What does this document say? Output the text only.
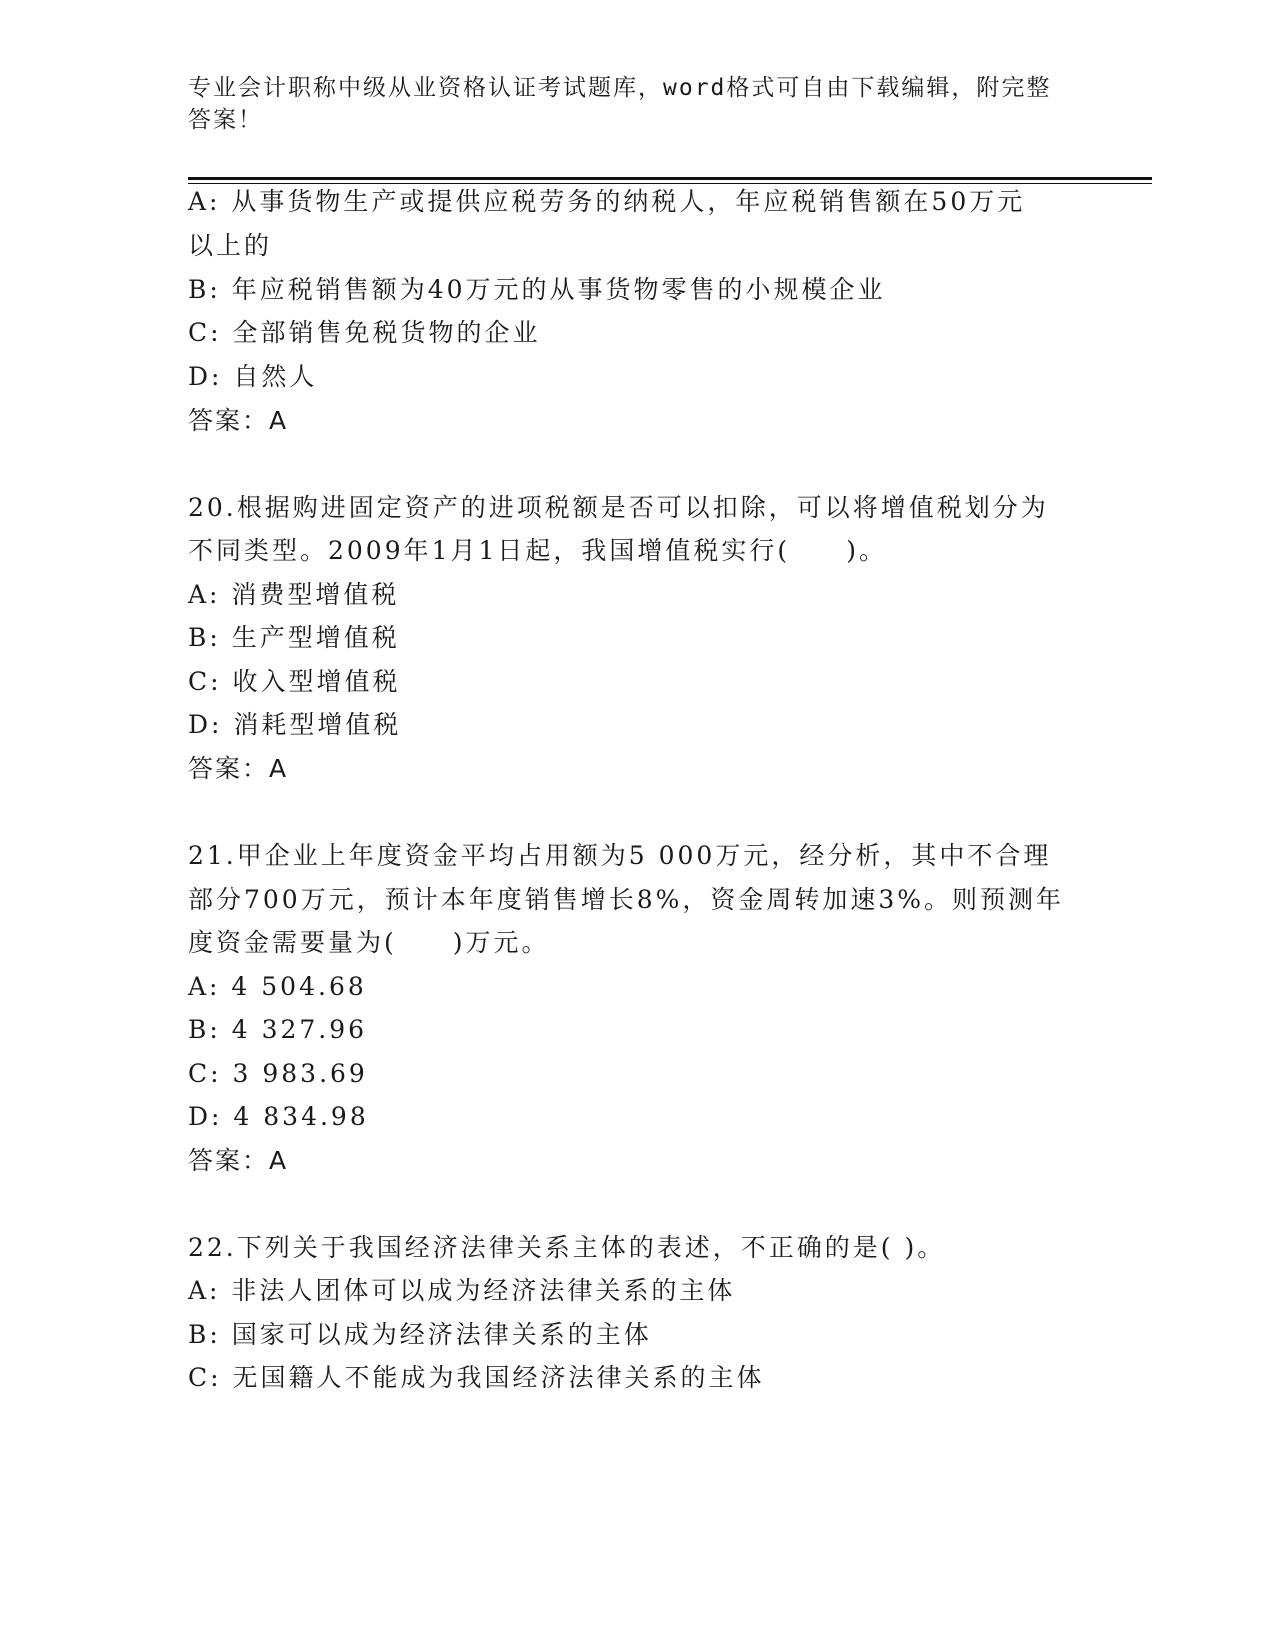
专业会计职称中级从业资格认证考试题库，word格式可自由下载编辑，附完整答案！
A: 从事货物生产或提供应税劳务的纳税人，年应税销售额在50万元
以上的
B: 年应税销售额为40万元的从事货物零售的小规模企业
C: 全部销售免税货物的企业
D: 自然人
答案：A
20.根据购进固定资产的进项税额是否可以扣除，可以将增值税划分为
不同类型。2009年1月1日起，我国增值税实行(　　)。
A: 消费型增值税
B: 生产型增值税
C: 收入型增值税
D: 消耗型增值税
答案：A
21.甲企业上年度资金平均占用额为5 000万元，经分析，其中不合理
部分700万元，预计本年度销售增长8%，资金周转加速3%。则预测年
度资金需要量为(　　)万元。
A: 4 504.68
B: 4 327.96
C: 3 983.69
D: 4 834.98
答案：A
22.下列关于我国经济法律关系主体的表述，不正确的是( )。
A: 非法人团体可以成为经济法律关系的主体
B: 国家可以成为经济法律关系的主体
C: 无国籍人不能成为我国经济法律关系的主体
